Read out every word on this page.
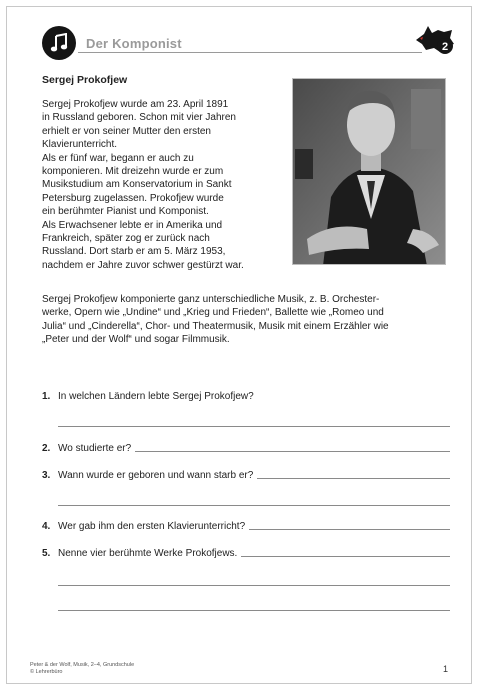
Der Komponist	2
Sergej Prokofjew

Sergej Prokofjew wurde am 23. April 1891
in Russland geboren. Schon mit vier Jahren
erhielt er von seiner Mutter den ersten
Klavierunterricht.
Als er fünf war, begann er auch zu
komponieren. Mit dreizehn wurde er zum
Musikstudium am Konservatorium in Sankt
Petersburg zugelassen. Prokofjew wurde
ein berühmter Pianist und Komponist.
Als Erwachsener lebte er in Amerika und
Frankreich, später zog er zurück nach
Russland. Dort starb er am 5. März 1953,
nachdem er Jahre zuvor schwer gestürzt war.

Sergej Prokofjew komponierte ganz unterschiedliche Musik, z. B. Orchester-
werke, Opern wie „Undine“ und „Krieg und Frieden“, Ballette wie „Romeo und
Julia“ und „Cinderella“, Chor- und Theatermusik, Musik mit einem Erzähler wie
„Peter und der Wolf“ und sogar Filmmusik.

1. In welchen Ländern lebte Sergej Prokofjew?
2. Wo studierte er?
3. Wann wurde er geboren und wann starb er?
4. Wer gab ihm den ersten Klavierunterricht?
5. Nenne vier berühmte Werke Prokofjews.
Peter & der Wolf, Musik, 2–4, Grundschule
© Lehrerbüro	1
